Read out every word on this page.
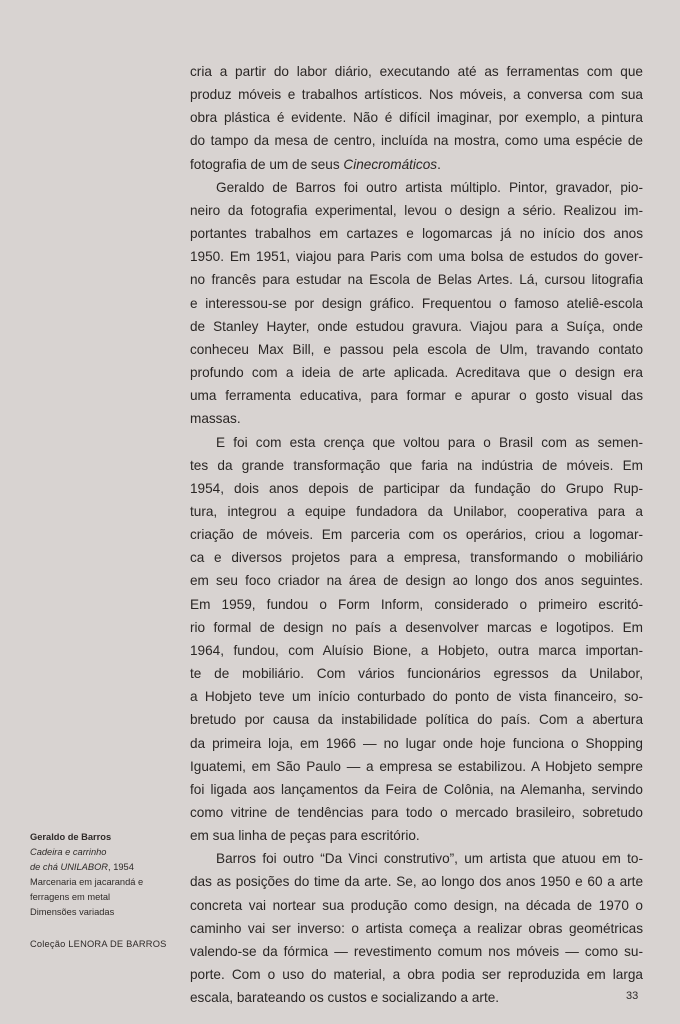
cria a partir do labor diário, executando até as ferramentas com que
produz móveis e trabalhos artísticos. Nos móveis, a conversa com sua
obra plástica é evidente. Não é difícil imaginar, por exemplo, a pintura
do tampo da mesa de centro, incluída na mostra, como uma espécie de
fotografia de um de seus Cinecromáticos.
Geraldo de Barros foi outro artista múltiplo. Pintor, gravador, pio-
neiro da fotografia experimental, levou o design a sério. Realizou im-
portantes trabalhos em cartazes e logomarcas já no início dos anos
1950. Em 1951, viajou para Paris com uma bolsa de estudos do gover-
no francês para estudar na Escola de Belas Artes. Lá, cursou litografia
e interessou-se por design gráfico. Frequentou o famoso ateliê-escola
de Stanley Hayter, onde estudou gravura. Viajou para a Suíça, onde
conheceu Max Bill, e passou pela escola de Ulm, travando contato
profundo com a ideia de arte aplicada. Acreditava que o design era
uma ferramenta educativa, para formar e apurar o gosto visual das
massas.
E foi com esta crença que voltou para o Brasil com as semen-
tes da grande transformação que faria na indústria de móveis. Em
1954, dois anos depois de participar da fundação do Grupo Rup-
tura, integrou a equipe fundadora da Unilabor, cooperativa para a
criação de móveis. Em parceria com os operários, criou a logomar-
ca e diversos projetos para a empresa, transformando o mobiliário
em seu foco criador na área de design ao longo dos anos seguintes.
Em 1959, fundou o Form Inform, considerado o primeiro escritó-
rio formal de design no país a desenvolver marcas e logotipos. Em
1964, fundou, com Aluísio Bione, a Hobjeto, outra marca importan-
te de mobiliário. Com vários funcionários egressos da Unilabor,
a Hobjeto teve um início conturbado do ponto de vista financeiro, so-
bretudo por causa da instabilidade política do país. Com a abertura
da primeira loja, em 1966 — no lugar onde hoje funciona o Shopping
Iguatemi, em São Paulo — a empresa se estabilizou. A Hobjeto sempre
foi ligada aos lançamentos da Feira de Colônia, na Alemanha, servindo
como vitrine de tendências para todo o mercado brasileiro, sobretudo
em sua linha de peças para escritório.
Barros foi outro “Da Vinci construtivo”, um artista que atuou em to-
das as posições do time da arte. Se, ao longo dos anos 1950 e 60 a arte
concreta vai nortear sua produção como design, na década de 1970 o
caminho vai ser inverso: o artista começa a realizar obras geométricas
valendo-se da fórmica — revestimento comum nos móveis — como su-
porte. Com o uso do material, a obra podia ser reproduzida em larga
escala, barateando os custos e socializando a arte.
Geraldo de Barros
Cadeira e carrinho
de chá UNILABOR, 1954
Marcenaria em jacarandá e
ferragens em metal
Dimensões variadas
Coleção LENORA DE BARROS
33
